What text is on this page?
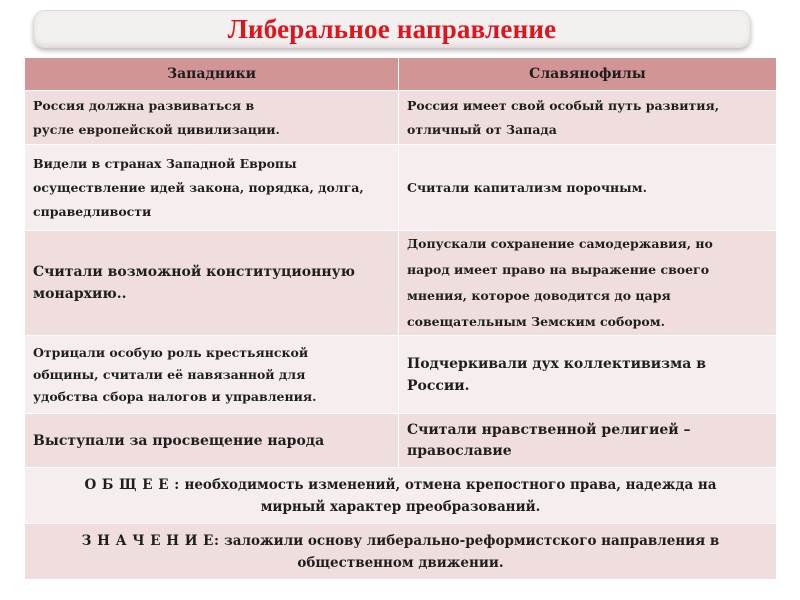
Либеральное направление
Западники	Славянофилы

Россия должна развиваться в
русле европейской цивилизации.	Россия имеет свой особый путь развития,
отличный от Запада

Видели в странах Западной Европы
осуществление идей закона, порядка, долга,
справедливости	Считали капитализм порочным.

Считали возможной конституционную
монархию..	Допускали сохранение самодержавия, но
народ имеет право на выражение своего
мнения, которое доводится до царя
совещательным Земским собором.

Отрицали особую роль крестьянской
общины, считали её навязанной для
удобства сбора налогов и управления.	Подчеркивали дух коллективизма в
России.

Выступали за просвещение народа	Считали нравственной религией –
православие

О Б Щ Е Е : необходимость изменений, отмена крепостного права, надежда на
мирный характер преобразований.	

З Н А Ч Е Н И Е: заложили основу либерально-реформистского направления в
общественном движении.	
